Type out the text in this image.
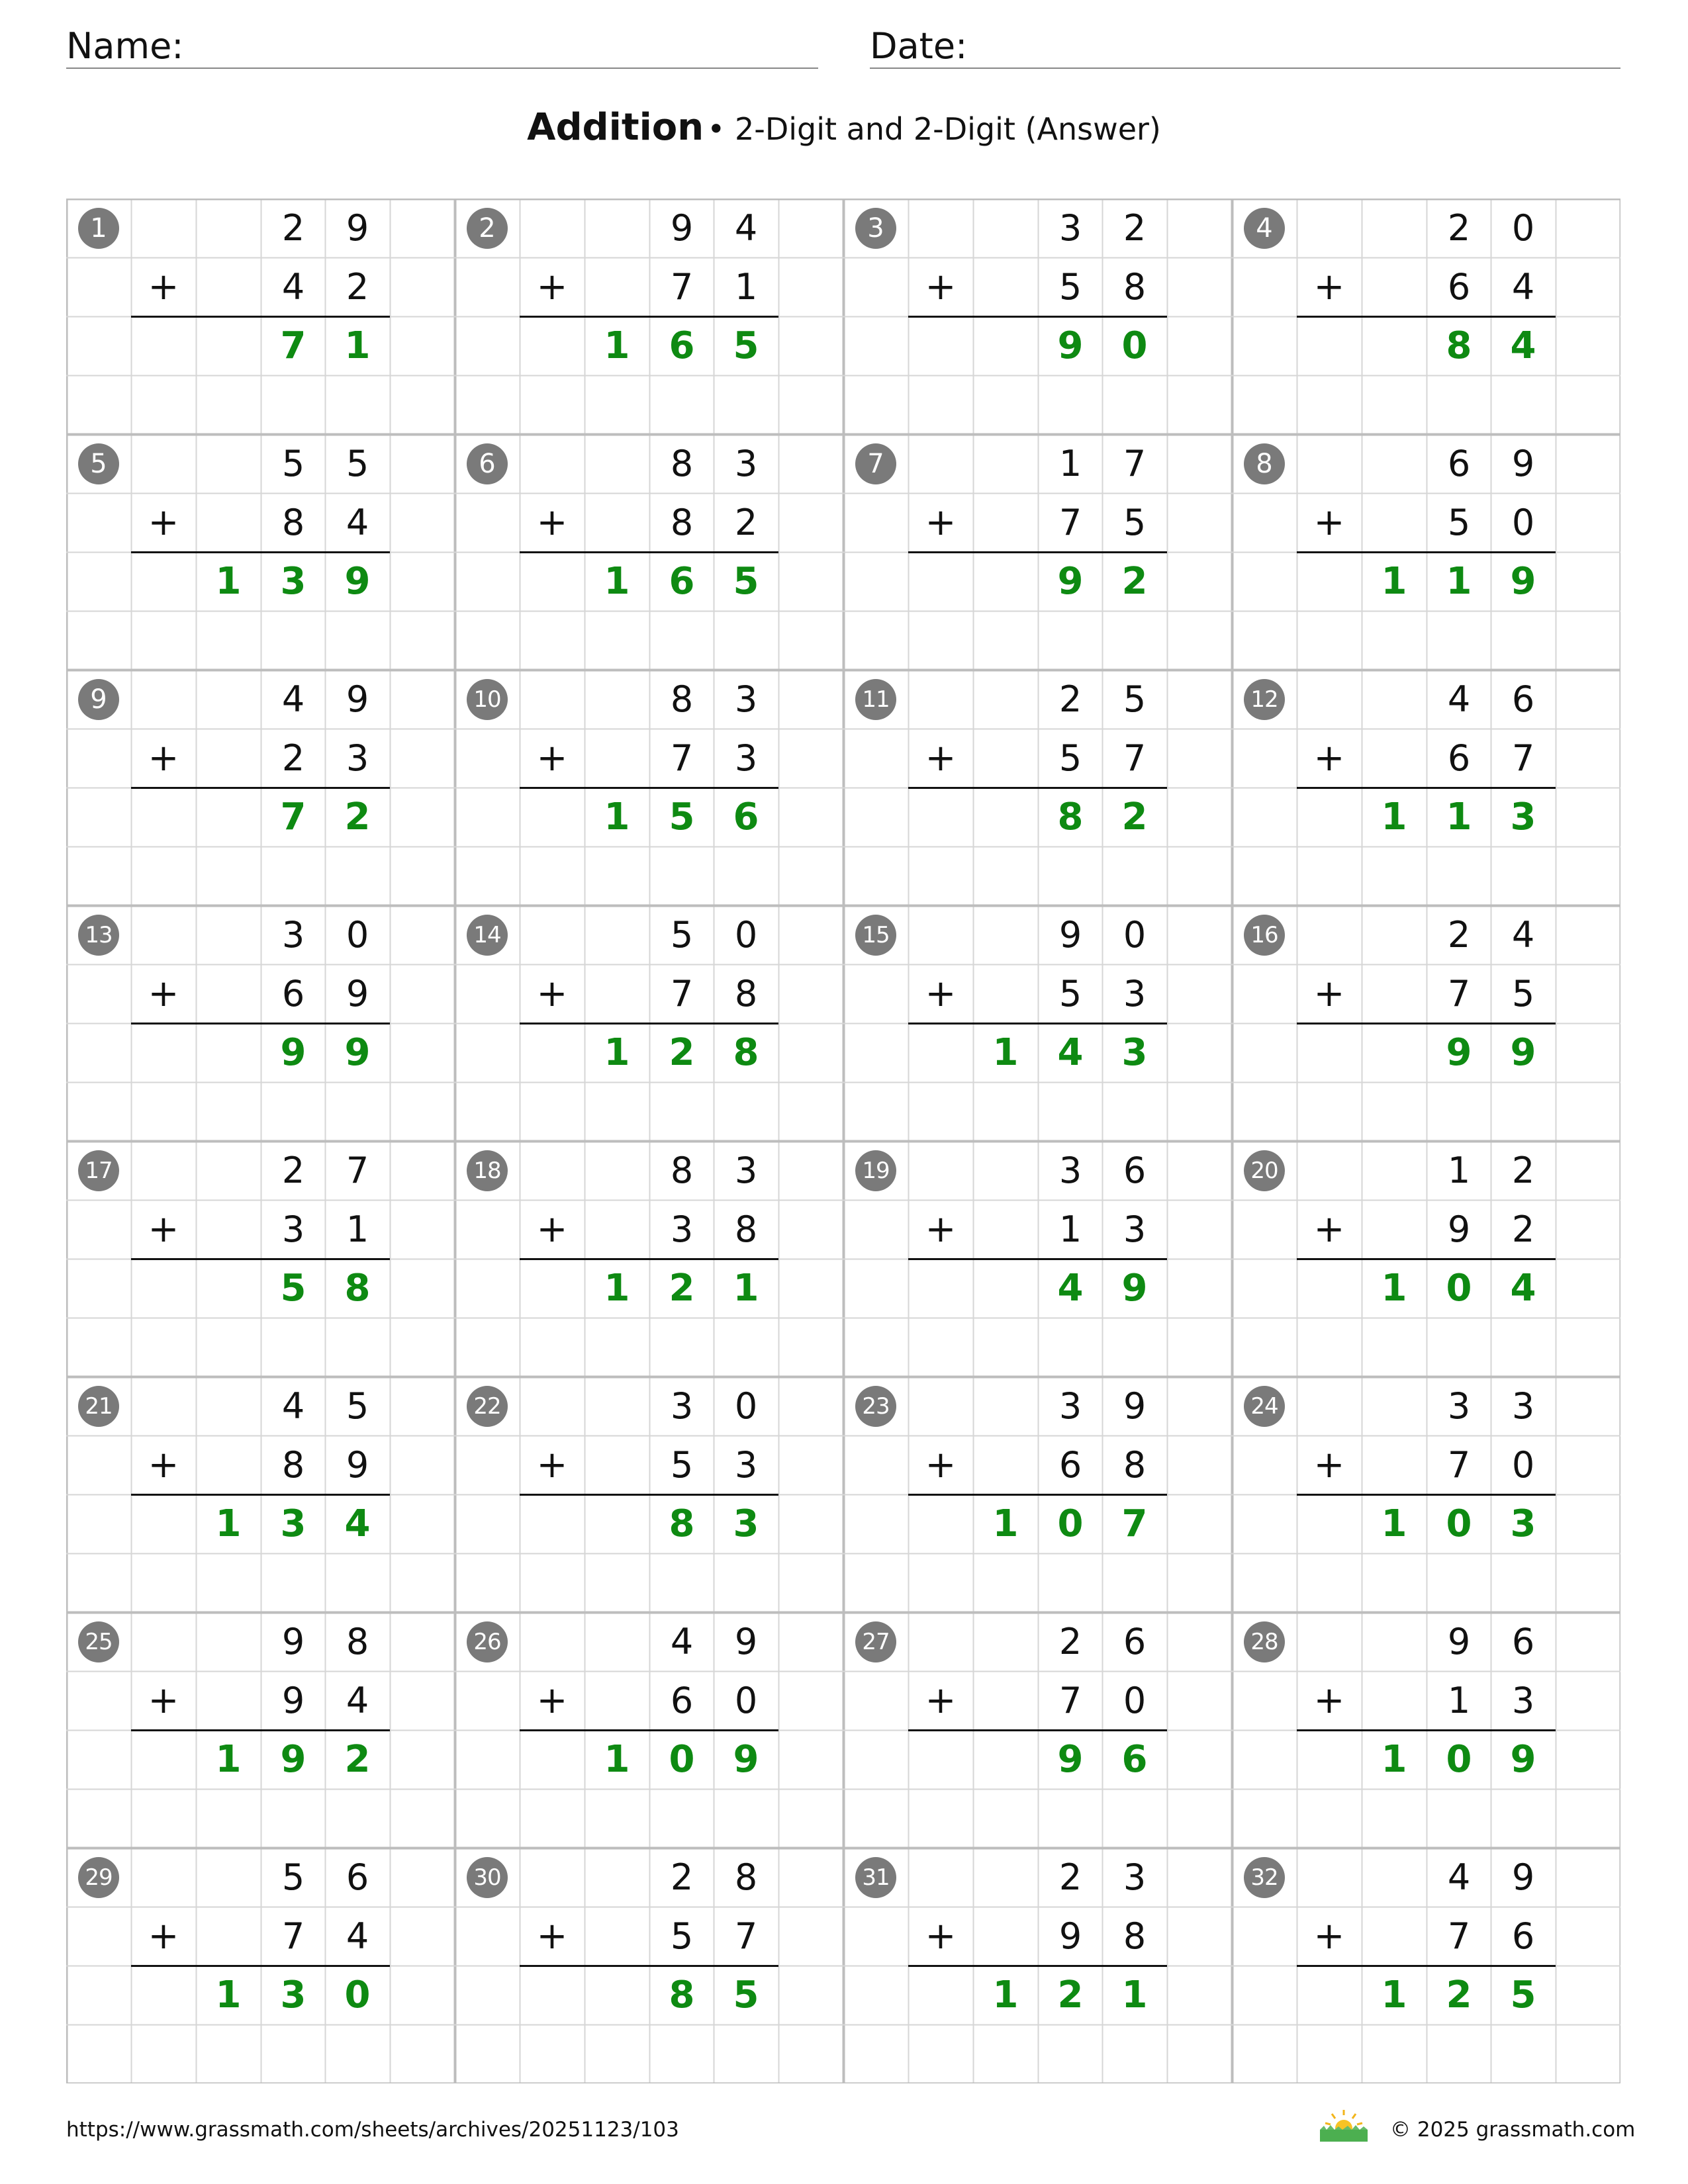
Name:	Date:
Addition • 2-Digit and 2-Digit (Answer)
1	2	9
4	2
+
7	1
2	9	4
7	1
+
1	6	5
3	3	2
5	8
+
9	0
4	2	0
6	4
+
8	4
5	5	5
8	4
+
1	3	9
6	8	3
8	2
+
1	6	5
7	1	7
7	5
+
9	2
8	6	9
5	0
+
1	1	9
9	4	9
2	3
+
7	2
10	8	3
7	3
+
1	5	6
11	2	5
5	7
+
8	2
12	4	6
6	7
+
1	1	3
13	3	0
6	9
+
9	9
14	5	0
7	8
+
1	2	8
15	9	0
5	3
+
1	4	3
16	2	4
7	5
+
9	9
17	2	7
3	1
+
5	8
18	8	3
3	8
+
1	2	1
19	3	6
1	3
+
4	9
20	1	2
9	2
+
1	0	4
21	4	5
8	9
+
1	3	4
22	3	0
5	3
+
8	3
23	3	9
6	8
+
1	0	7
24	3	3
7	0
+
1	0	3
25	9	8
9	4
+
1	9	2
26	4	9
6	0
+
1	0	9
27	2	6
7	0
+
9	6
28	9	6
1	3
+
1	0	9
29	5	6
7	4
+
1	3	0
30	2	8
5	7
+
8	5
31	2	3
9	8
+
1	2	1
32	4	9
7	6
+
1	2	5
https://www.grassmath.com/sheets/archives/20251123/103	© 2025 grassmath.com
